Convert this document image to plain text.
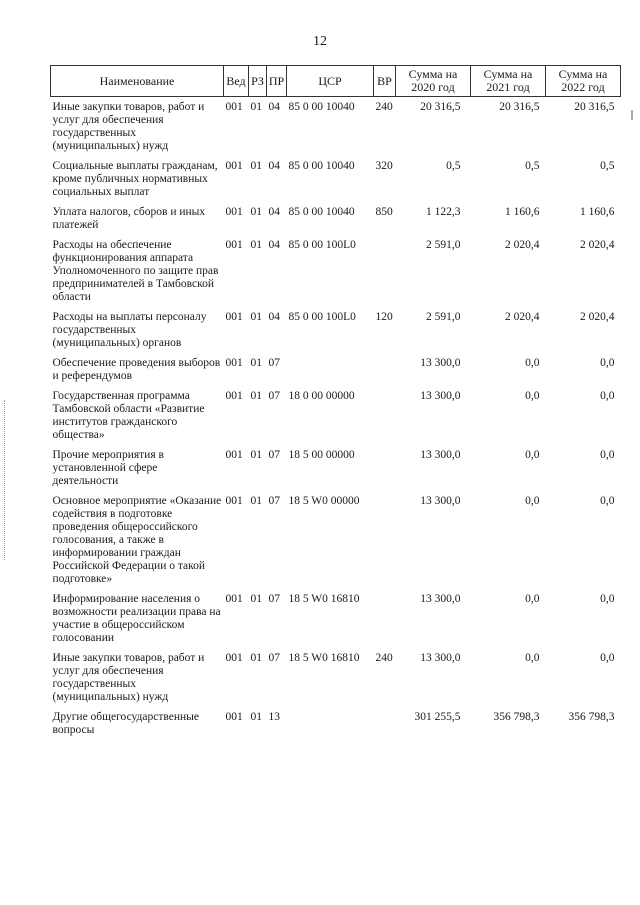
12
Наименование	Вед	РЗ	ПР	ЦСР	ВР	Сумма на 2020 год	Сумма на 2021 год	Сумма на 2022 год
Иные закупки товаров, работ и услуг для обеспечения государственных (муниципальных) нужд	001	01	04	85 0 00 10040	240	20 316,5	20 316,5	20 316,5
Социальные выплаты гражданам, кроме публичных нормативных социальных выплат	001	01	04	85 0 00 10040	320	0,5	0,5	0,5
Уплата налогов, сборов и иных платежей	001	01	04	85 0 00 10040	850	1 122,3	1 160,6	1 160,6
Расходы на обеспечение функционирования аппарата Уполномоченного по защите прав предпринимателей в Тамбовской области	001	01	04	85 0 00 100L0		2 591,0	2 020,4	2 020,4
Расходы на выплаты персоналу государственных (муниципальных) органов	001	01	04	85 0 00 100L0	120	2 591,0	2 020,4	2 020,4
Обеспечение проведения выборов и референдумов	001	01	07			13 300,0	0,0	0,0
Государственная программа Тамбовской области «Развитие институтов гражданского общества»	001	01	07	18 0 00 00000		13 300,0	0,0	0,0
Прочие мероприятия в установленной сфере деятельности	001	01	07	18 5 00 00000		13 300,0	0,0	0,0
Основное мероприятие «Оказание содействия в подготовке проведения общероссийского голосования, а также в информировании граждан Российской Федерации о такой подготовке»	001	01	07	18 5 W0 00000		13 300,0	0,0	0,0
Информирование населения о возможности реализации права на участие в общероссийском голосовании	001	01	07	18 5 W0 16810		13 300,0	0,0	0,0
Иные закупки товаров, работ и услуг для обеспечения государственных (муниципальных) нужд	001	01	07	18 5 W0 16810	240	13 300,0	0,0	0,0
Другие общегосударственные вопросы	001	01	13			301 255,5	356 798,3	356 798,3
